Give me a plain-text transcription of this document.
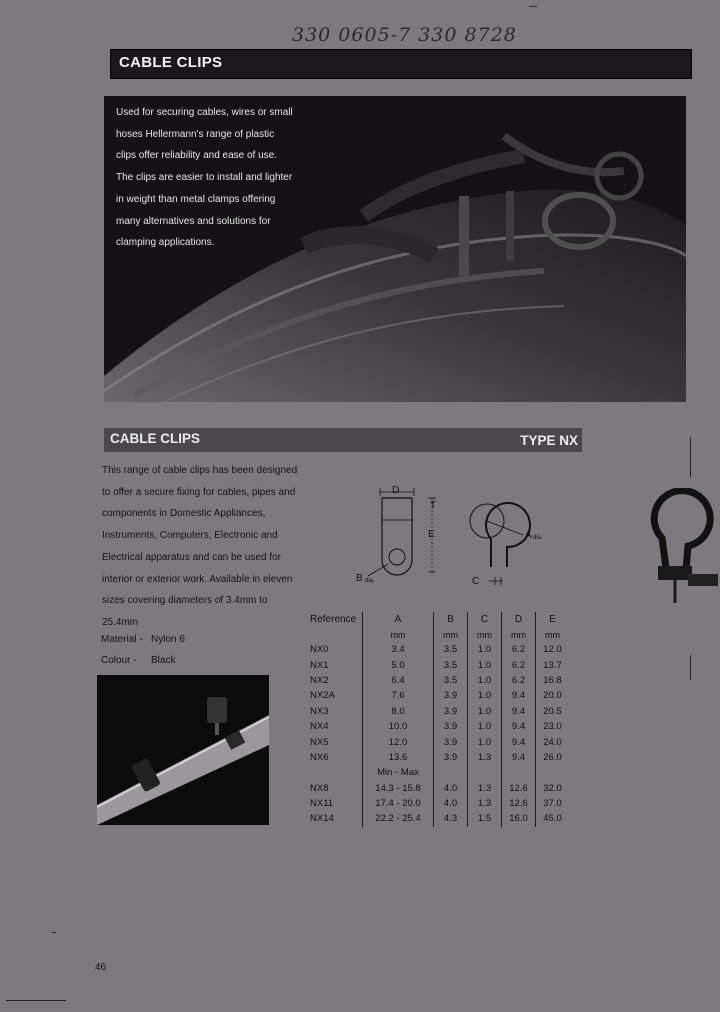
330 0605-7 330 8728
CABLE CLIPS
Used for securing cables, wires or small hoses Hellermann's range of plastic clips offer reliability and ease of use. The clips are easier to install and lighter in weight than metal clamps offering many alternatives and solutions for clamping applications.
CABLE CLIPS	TYPE NX
This range of cable clips has been designed to offer a secure fixing for cables, pipes and components in Domestic Appliances, Instruments, Computers, Electronic and Electrical apparatus and can be used for interior or exterior work. Available in eleven sizes covering diameters of 3.4mm to 25.4mm
Material - Nylon 6
Colour - Black
D
T
E
B dia.
A dia.
C
Reference	A	B	C	D	E
	mm	mm	mm	mm	mm
NX0	3.4	3.5	1.0	6.2	12.0
NX1	5.0	3.5	1.0	6.2	13.7
NX2	6.4	3.5	1.0	6.2	16.8
NX2A	7.6	3.9	1.0	9.4	20.0
NX3	8.0	3.9	1.0	9.4	20.5
NX4	10.0	3.9	1.0	9.4	23.0
NX5	12.0	3.9	1.0	9.4	24.0
NX6	13.6	3.9	1.3	9.4	26.0
	Min - Max				
NX8	14.3 - 15.8	4.0	1.3	12.6	32.0
NX11	17.4 - 20.0	4.0	1.3	12.6	37.0
NX14	22.2 - 25.4	4.3	1.5	16.0	45.0
46
